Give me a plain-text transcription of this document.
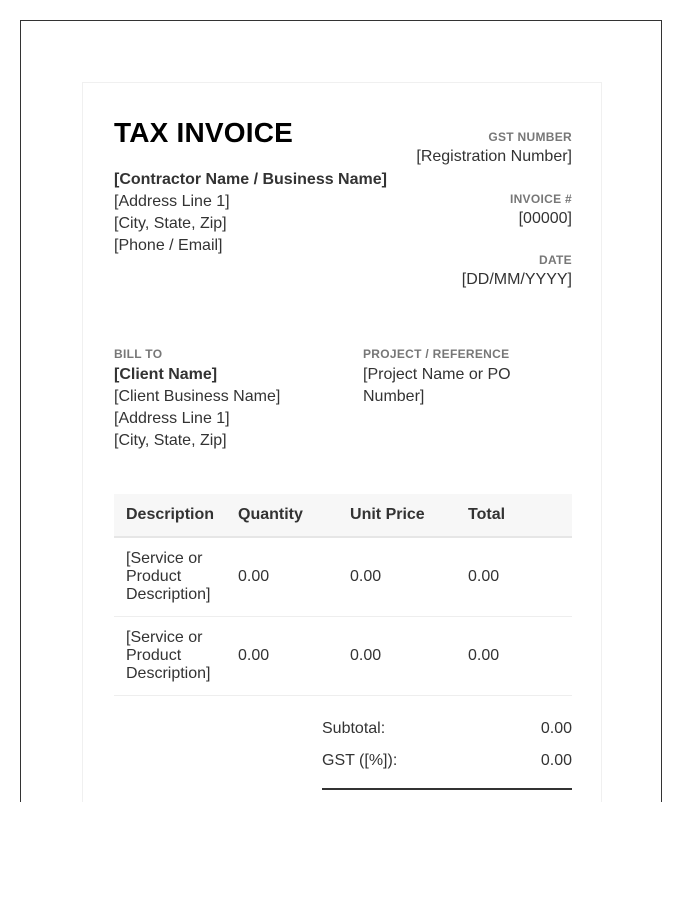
TAX INVOICE
[Contractor Name / Business Name]
[Address Line 1]
[City, State, Zip]
[Phone / Email]
GST NUMBER
[Registration Number]
INVOICE #
[00000]
DATE
[DD/MM/YYYY]
BILL TO
[Client Name]
[Client Business Name]
[Address Line 1]
[City, State, Zip]
PROJECT / REFERENCE
[Project Name or PO Number]
Description	Quantity	Unit Price	Total
[Service or Product Description]	0.00	0.00	0.00
[Service or Product Description]	0.00	0.00	0.00
Subtotal:	0.00
GST ([%]):	0.00
